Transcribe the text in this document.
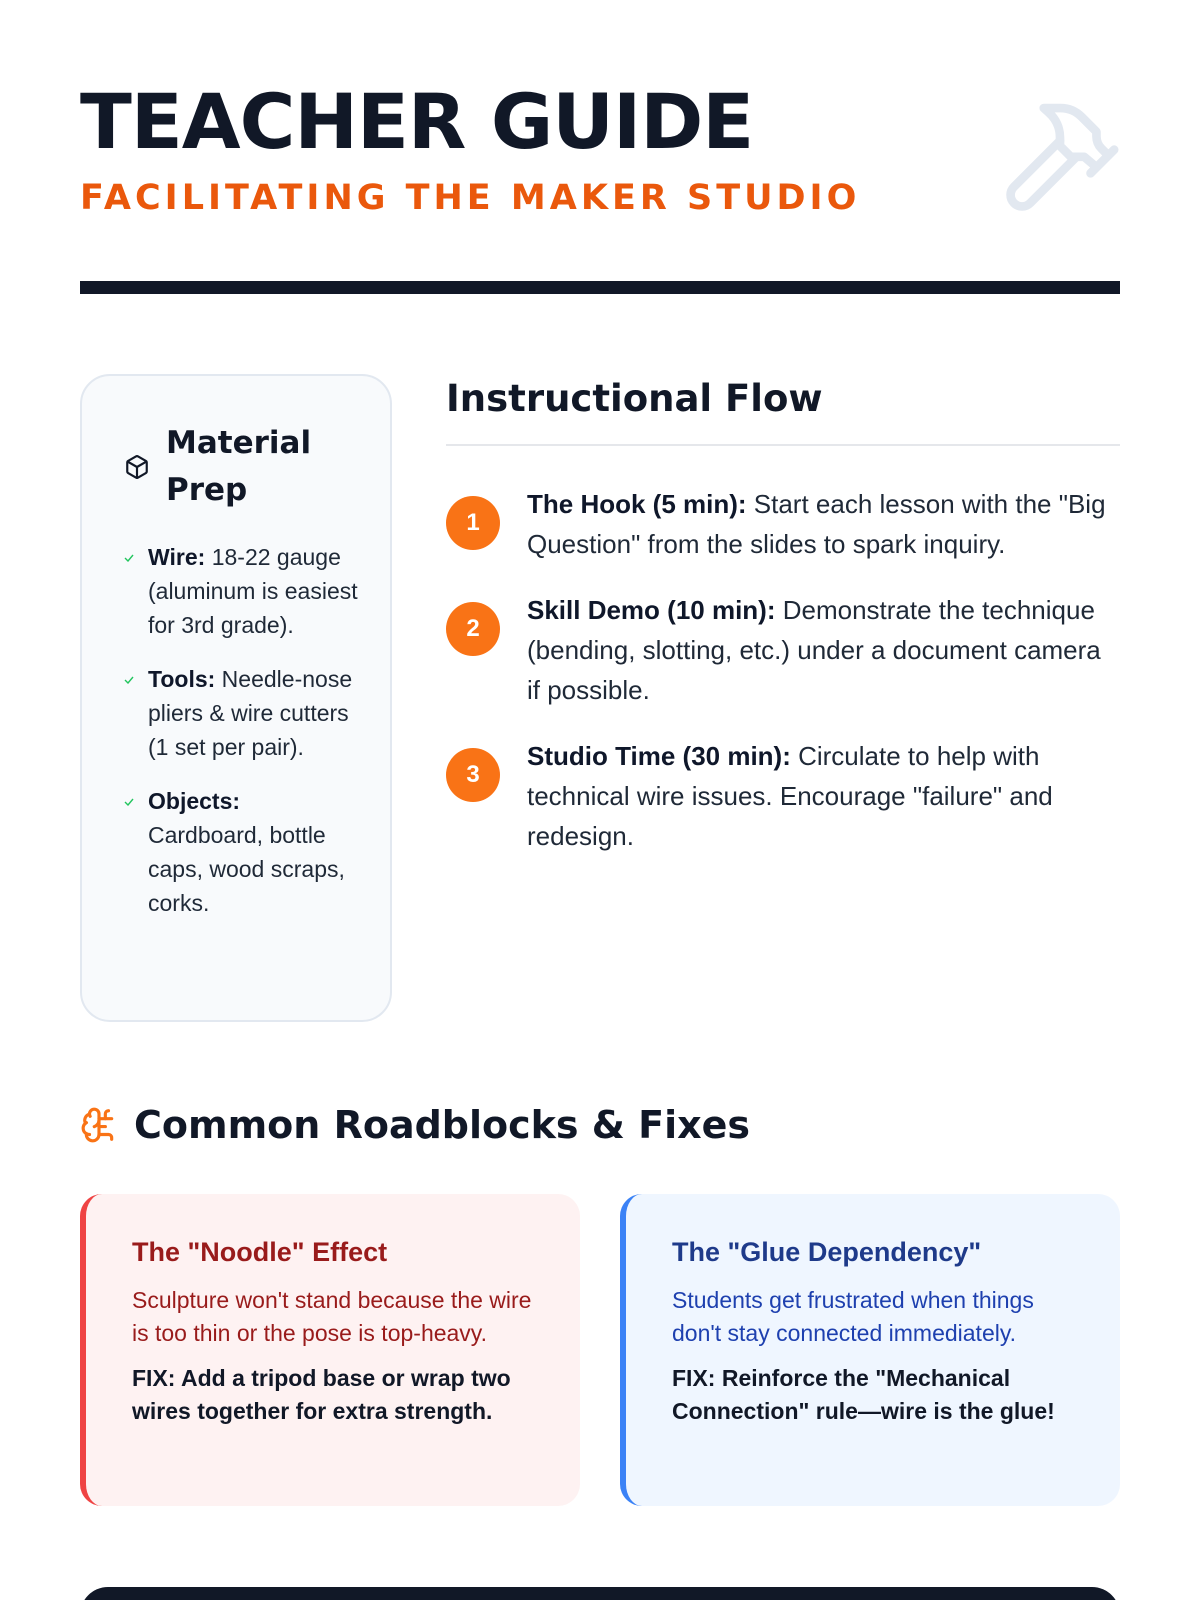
TEACHER GUIDE
FACILITATING THE MAKER STUDIO
Material Prep
Wire: 18-22 gauge (aluminum is easiest for 3rd grade).
Tools: Needle-nose pliers & wire cutters (1 set per pair).
Objects: Cardboard, bottle caps, wood scraps, corks.
Instructional Flow
1

The Hook (5 min): Start each lesson with the "Big Question" from the slides to spark inquiry.

2

Skill Demo (10 min): Demonstrate the technique (bending, slotting, etc.) under a document camera if possible.

3

Studio Time (30 min): Circulate to help with technical wire issues. Encourage "failure" and redesign.

Common Roadblocks & Fixes
The "Noodle" Effect

Sculpture won't stand because the wire is too thin or the pose is top-heavy.

FIX: Add a tripod base or wrap two wires together for extra strength.

The "Glue Dependency"

Students get frustrated when things don't stay connected immediately.

FIX: Reinforce the "Mechanical Connection" rule—wire is the glue!
